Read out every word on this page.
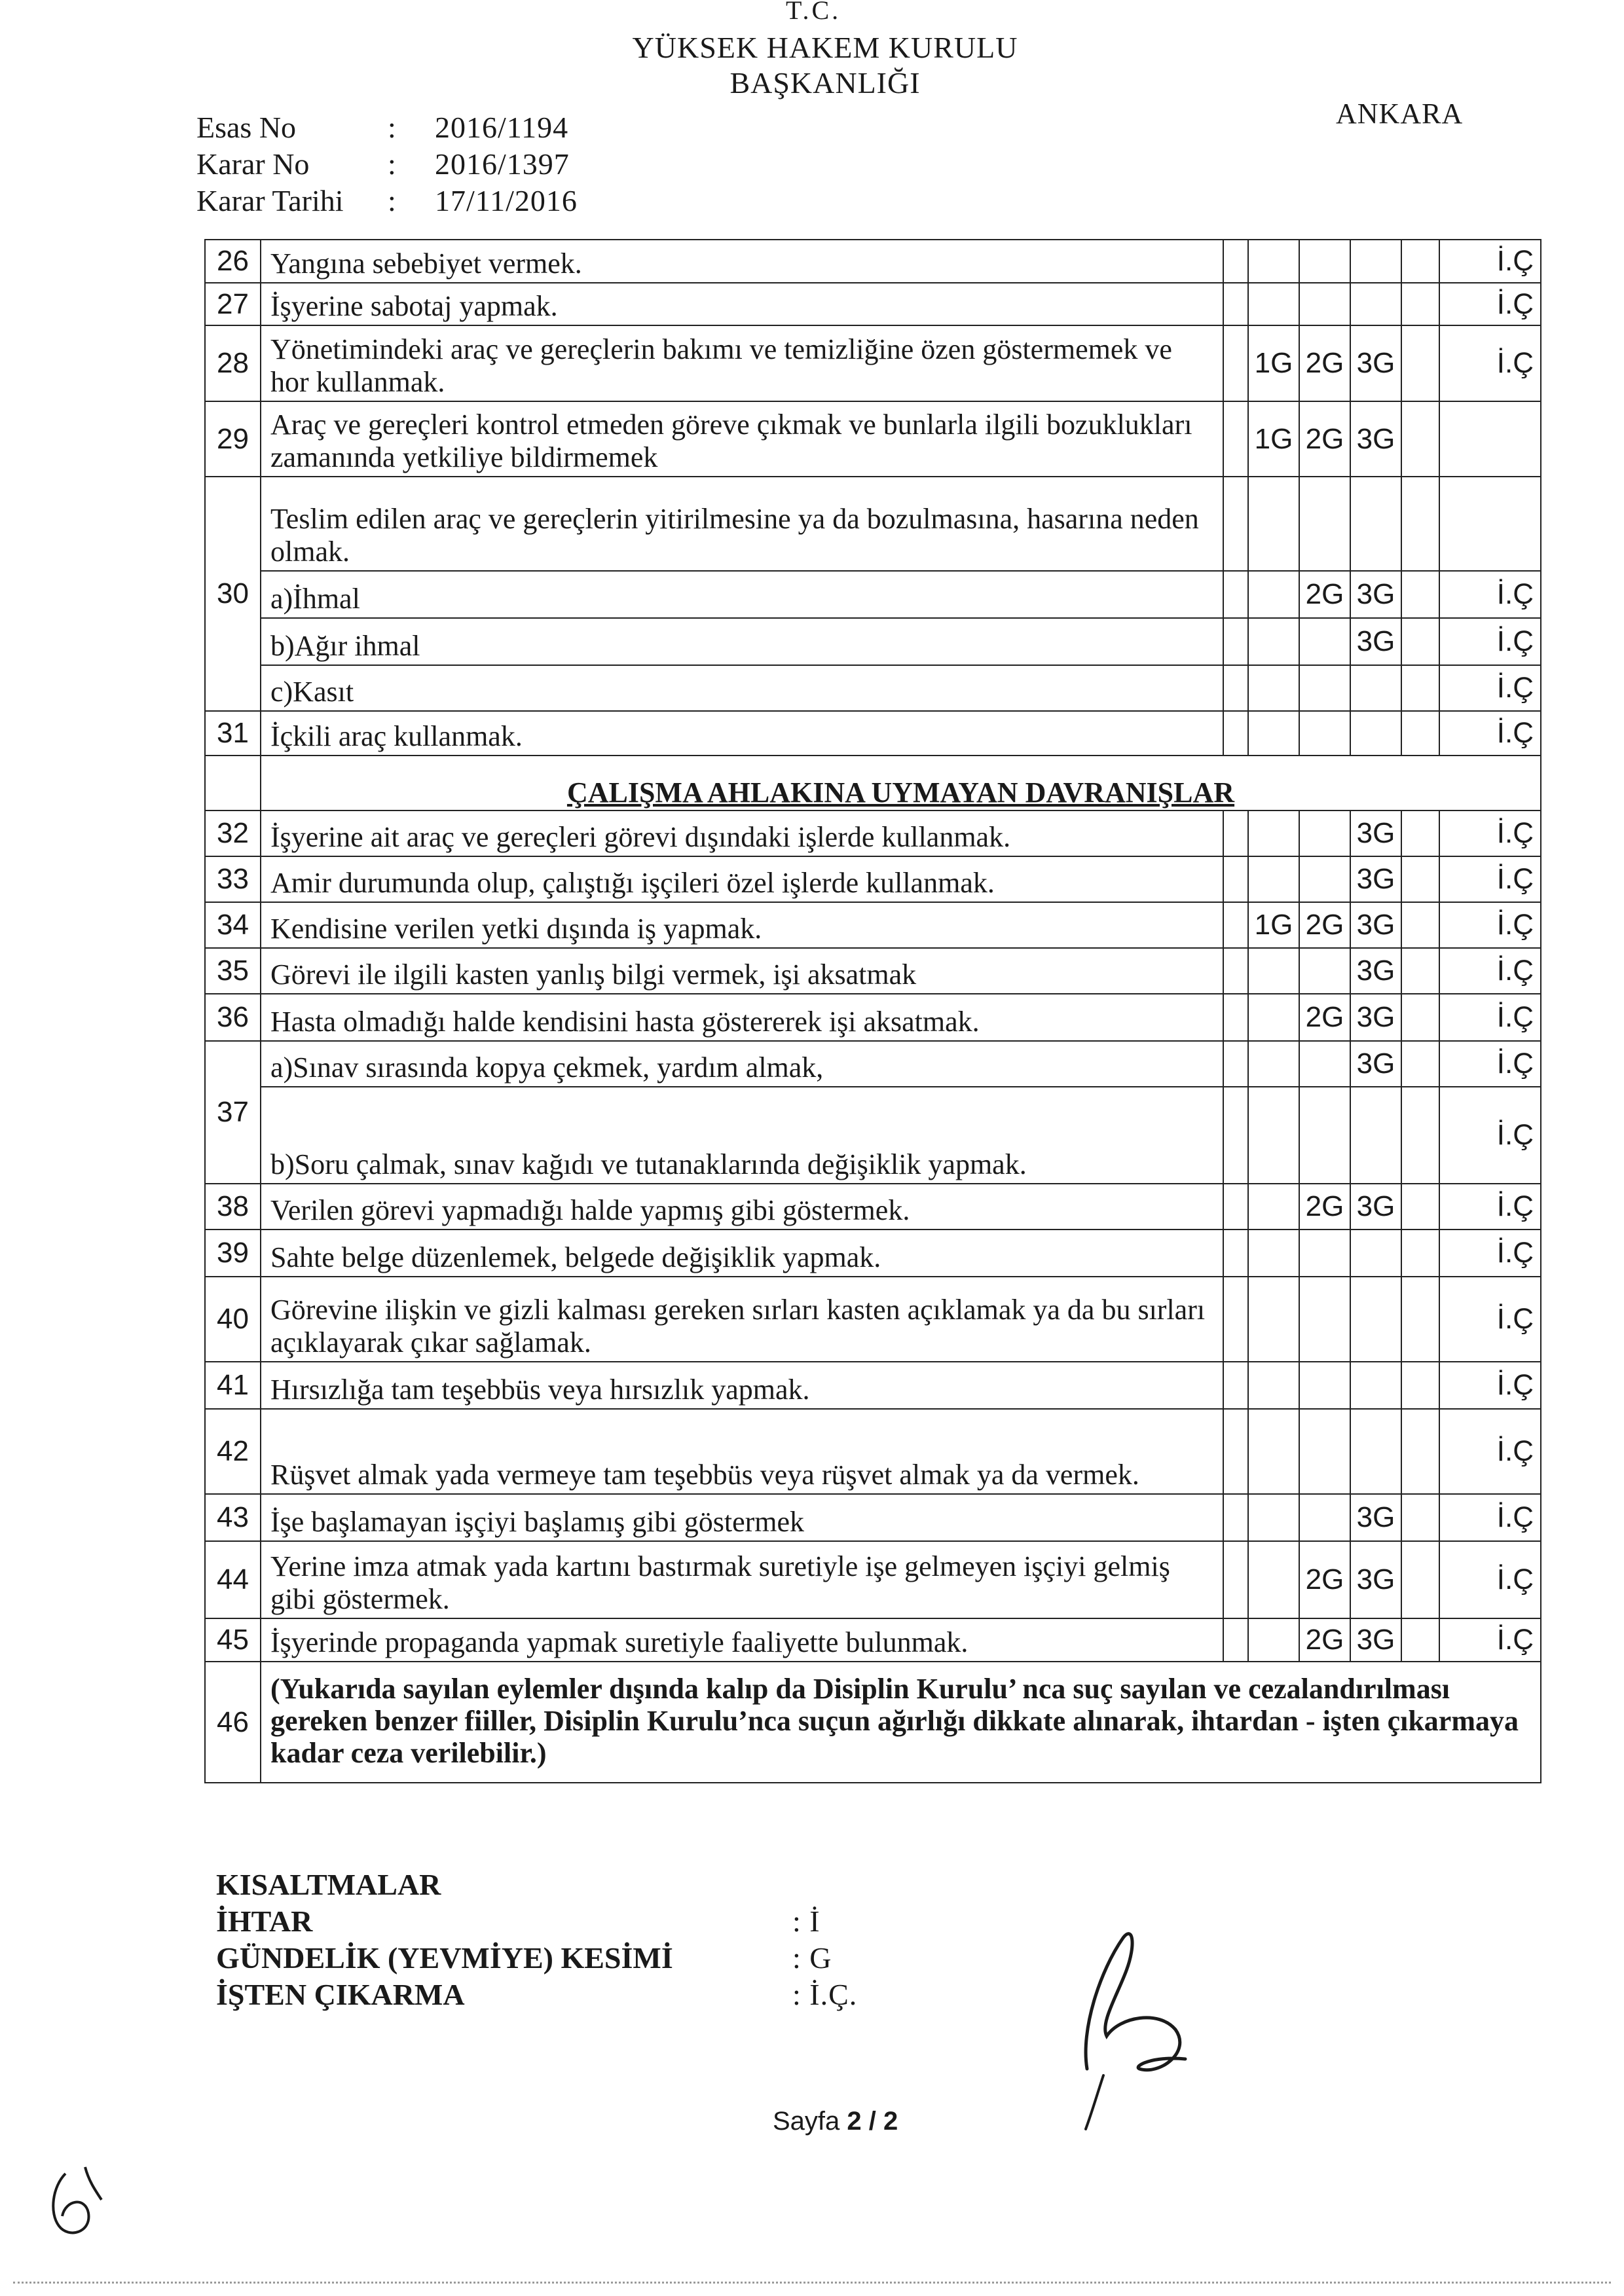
T.C.
YÜKSEK HAKEM KURULU
BAŞKANLIĞI
ANKARA
Esas No	:	2016/1194
Karar No	:	2016/1397
Karar Tarihi	:	17/11/2016
26	Yangına sebebiyet vermek.						İ.Ç
27	İşyerine sabotaj yapmak.						İ.Ç
28	Yönetimindeki araç ve gereçlerin bakımı ve temizliğine özen göstermemek ve hor kullanmak.		1G	2G	3G		İ.Ç
29	Araç ve gereçleri kontrol etmeden göreve çıkmak ve bunlarla ilgili bozuklukları zamanında yetkiliye bildirmemek		1G	2G	3G		
30	Teslim edilen araç ve gereçlerin yitirilmesine ya da bozulmasına, hasarına neden olmak.						
	a)İhmal			2G	3G		İ.Ç
	b)Ağır ihmal				3G		İ.Ç
	c)Kasıt						İ.Ç
31	İçkili araç kullanmak.						İ.Ç
	ÇALIŞMA AHLAKINA UYMAYAN DAVRANIŞLAR						
32	İşyerine ait araç ve gereçleri görevi dışındaki işlerde kullanmak.				3G		İ.Ç
33	Amir durumunda olup, çalıştığı işçileri özel işlerde kullanmak.				3G		İ.Ç
34	Kendisine verilen yetki dışında iş yapmak.		1G	2G	3G		İ.Ç
35	Görevi ile ilgili kasten yanlış bilgi vermek, işi aksatmak				3G		İ.Ç
36	Hasta olmadığı halde kendisini hasta göstererek işi aksatmak.			2G	3G		İ.Ç
37	a)Sınav sırasında kopya çekmek, yardım almak,				3G		İ.Ç
	b)Soru çalmak, sınav kağıdı ve tutanaklarında değişiklik yapmak.						İ.Ç
38	Verilen görevi yapmadığı halde yapmış gibi göstermek.			2G	3G		İ.Ç
39	Sahte belge düzenlemek, belgede değişiklik yapmak.						İ.Ç
40	Görevine ilişkin ve gizli kalması gereken sırları kasten açıklamak ya da bu sırları açıklayarak çıkar sağlamak.						İ.Ç
41	Hırsızlığa tam teşebbüs veya hırsızlık yapmak.						İ.Ç
42	Rüşvet almak yada vermeye tam teşebbüs veya rüşvet almak ya da vermek.						İ.Ç
43	İşe başlamayan işçiyi başlamış gibi göstermek				3G		İ.Ç
44	Yerine imza atmak yada kartını bastırmak suretiyle işe gelmeyen işçiyi gelmiş gibi göstermek.			2G	3G		İ.Ç
45	İşyerinde propaganda yapmak suretiyle faaliyette bulunmak.			2G	3G		İ.Ç
46	(Yukarıda sayılan eylemler dışında kalıp da Disiplin Kurulu’ nca suç sayılan ve cezalandırılması gereken benzer fiiller, Disiplin Kurulu’nca suçun ağırlığı dikkate alınarak, ihtardan - işten çıkarmaya kadar ceza verilebilir.)						
KISALTMALAR
İHTAR	: İ
GÜNDELİK (YEVMİYE) KESİMİ	: G
İŞTEN ÇIKARMA	: İ.Ç.
Sayfa 2 / 2
